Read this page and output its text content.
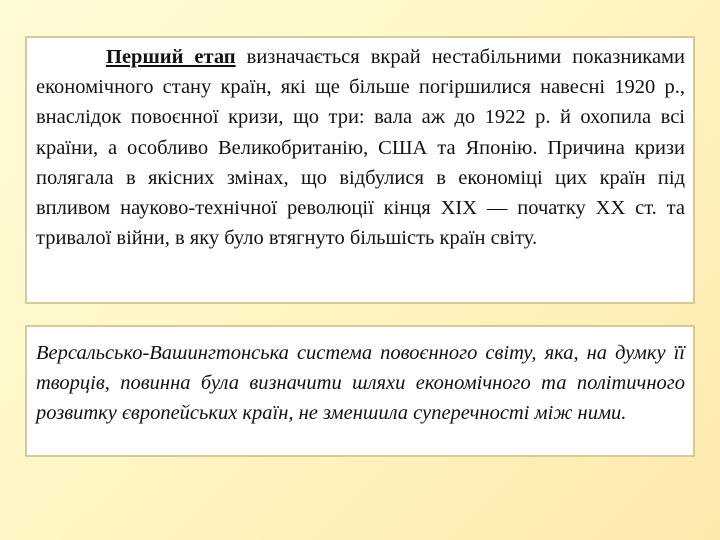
Перший етап визначається вкрай нестабільними показниками економічного стану країн, які ще більше погіршилися навесні 1920 р., внаслідок повоєнної кризи, що три: вала аж до 1922 р. й охопила всі країни, а особливо Великобританію, США та Японію. Причина кризи полягала в якісних змінах, що відбулися в економіці цих країн під впливом науково-технічної революції кінця XIX — початку XX ст. та тривалої війни, в яку було втягнуто більшість країн світу.

Версальсько-Вашингтонська система повоєнного світу, яка, на думку її творців, повинна була визначити шляхи економічного та політичного розвитку європейських країн, не зменшила суперечності між ними.
